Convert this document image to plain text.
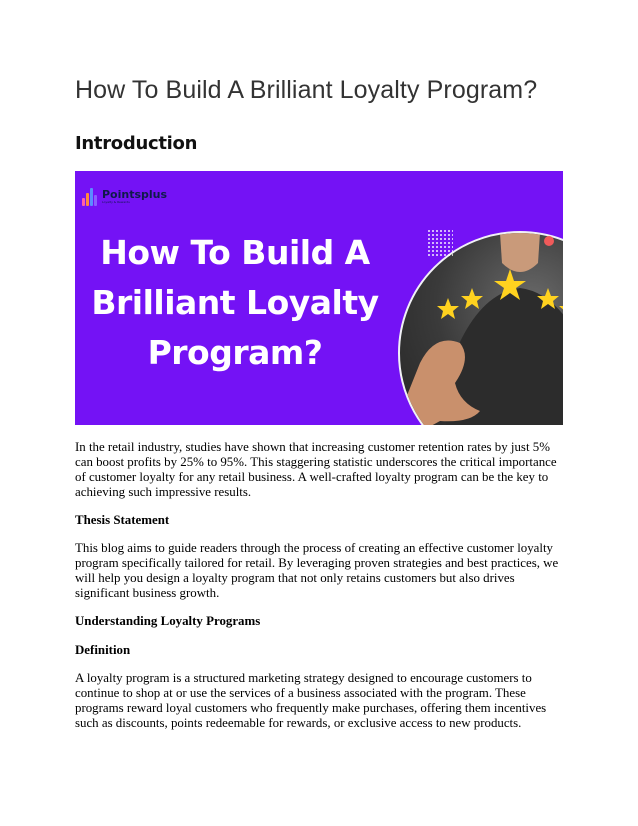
How To Build A Brilliant Loyalty Program?
Introduction
Pointsplus
Loyalty & Rewards
How To Build A
Brilliant Loyalty
Program?

In the retail industry, studies have shown that increasing customer retention rates by just 5% can boost profits by 25% to 95%. This staggering statistic underscores the critical importance of customer loyalty for any retail business. A well-crafted loyalty program can be the key to achieving such impressive results.

Thesis Statement

This blog aims to guide readers through the process of creating an effective customer loyalty program specifically tailored for retail. By leveraging proven strategies and best practices, we will help you design a loyalty program that not only retains customers but also drives significant business growth.

Understanding Loyalty Programs

Definition

A loyalty program is a structured marketing strategy designed to encourage customers to continue to shop at or use the services of a business associated with the program. These programs reward loyal customers who frequently make purchases, offering them incentives such as discounts, points redeemable for rewards, or exclusive access to new products.
